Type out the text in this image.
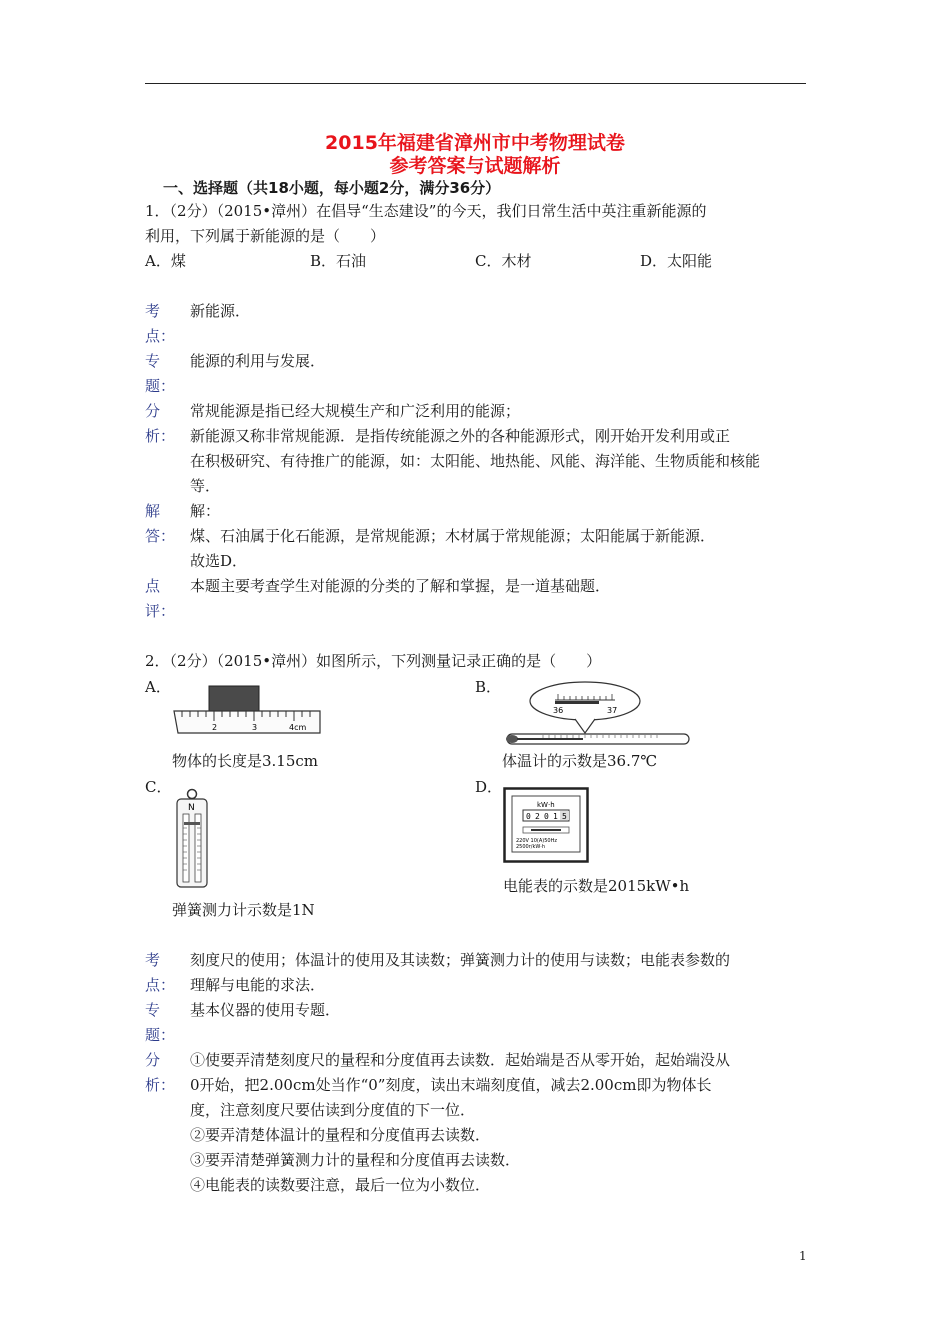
2015年福建省漳州市中考物理试卷
参考答案与试题解析
一、选择题（共18小题，每小题2分，满分36分）
1．（2分）（2015•漳州）在倡导“生态建设”的今天，我们日常生活中英注重新能源的
利用，下列属于新能源的是（　　）
A．煤	B．石油	C．木材	D．太阳能
考
点：
新能源．
专
题：
能源的利用与发展．
分
析：
常规能源是指已经大规模生产和广泛利用的能源；
新能源又称非常规能源．是指传统能源之外的各种能源形式，刚开始开发利用或正
在积极研究、有待推广的能源，如：太阳能、地热能、风能、海洋能、生物质能和核能
等．
解
答：
解：
煤、石油属于化石能源，是常规能源；木材属于常规能源；太阳能属于新能源．
故选D．
点
评：
本题主要考查学生对能源的分类的了解和掌握，是一道基础题．
2．（2分）（2015•漳州）如图所示，下列测量记录正确的是（　　）
A．	B．
2	3	4cm
36	37
物体的长度是3.15cm	体温计的示数是36.7℃
C．	D．
N	kW·h
0 2 0 1 5
220V 10(A)50Hz
2500r/kW·h
电能表的示数是2015kW•h
弹簧测力计示数是1N
考
点：
刻度尺的使用；体温计的使用及其读数；弹簧测力计的使用与读数；电能表参数的
理解与电能的求法．
专
题：
基本仪器的使用专题．
分
析：
①使要弄清楚刻度尺的量程和分度值再去读数．起始端是否从零开始，起始端没从
0开始，把2.00cm处当作“0”刻度，读出末端刻度值，减去2.00cm即为物体长
度，注意刻度尺要估读到分度值的下一位．
②要弄清楚体温计的量程和分度值再去读数．
③要弄清楚弹簧测力计的量程和分度值再去读数．
④电能表的读数要注意，最后一位为小数位．
1
